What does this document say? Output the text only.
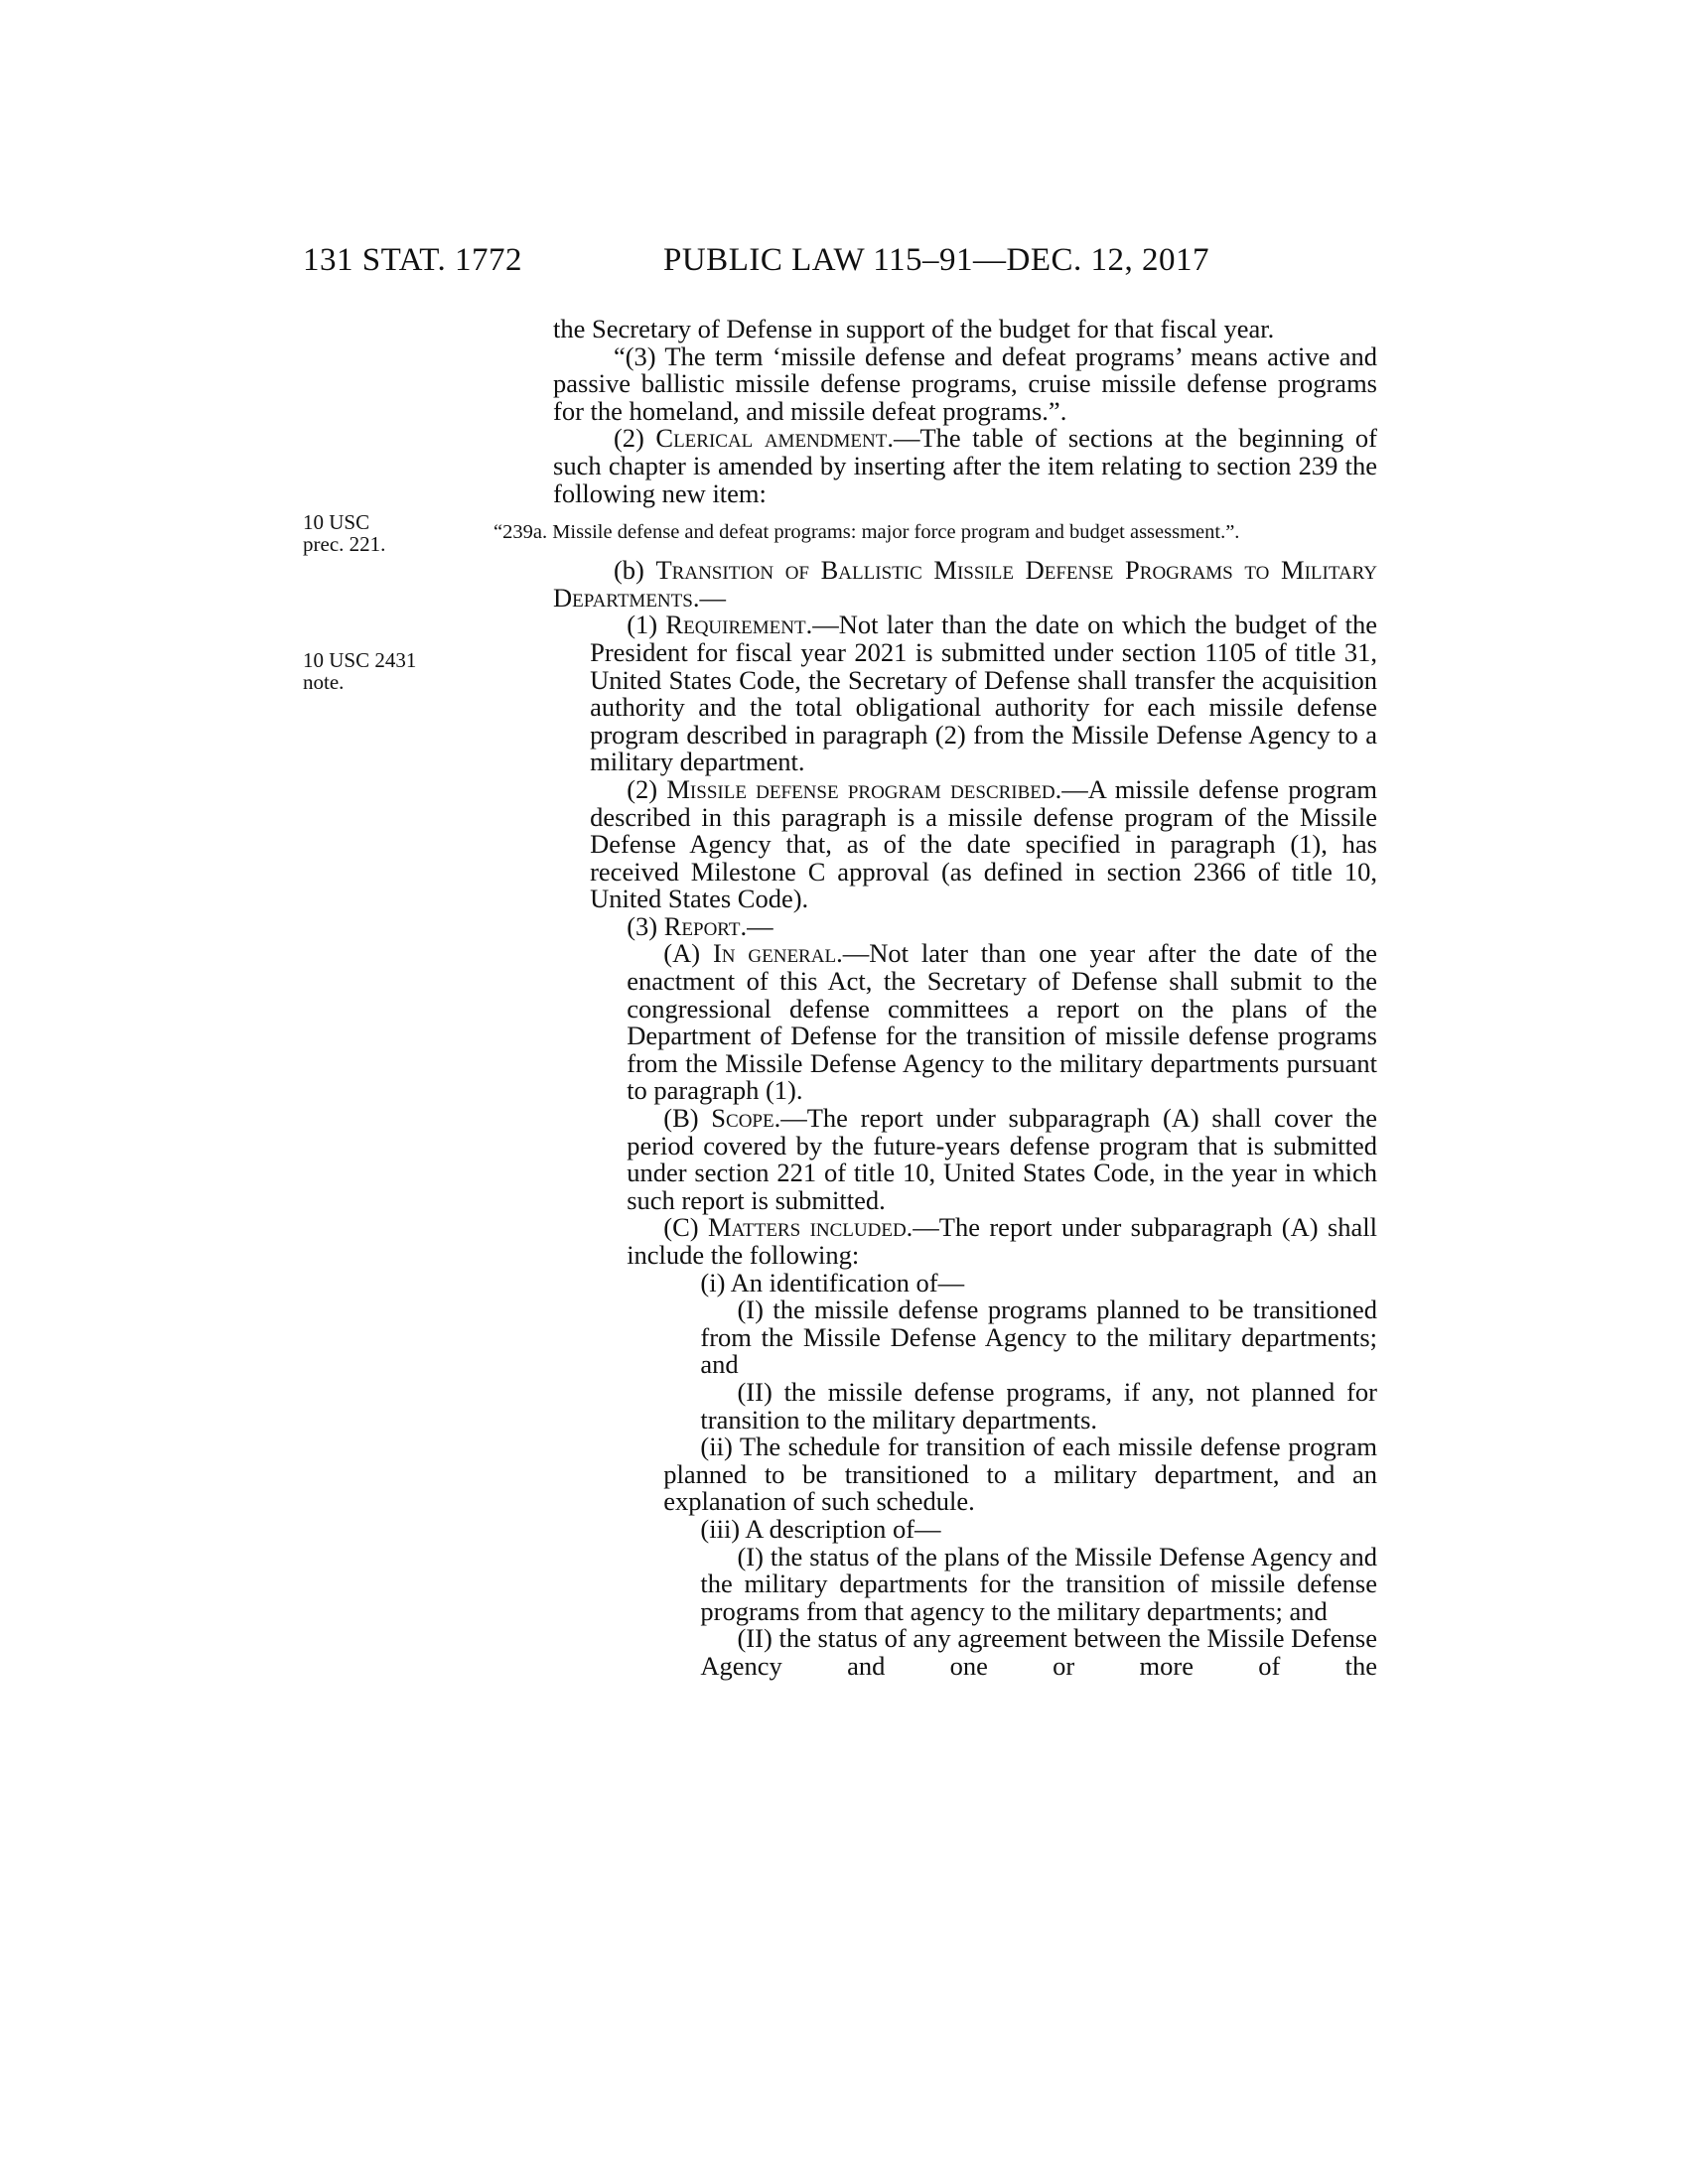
131 STAT. 1772	PUBLIC LAW 115–91—DEC. 12, 2017
10 USC
prec. 221.
10 USC 2431
note.

the Secretary of Defense in support of the budget for that fiscal year.

“(3) The term ‘missile defense and defeat programs’ means active and passive ballistic missile defense programs, cruise missile defense programs for the homeland, and missile defeat programs.”.

(2) Clerical amendment.—The table of sections at the beginning of such chapter is amended by inserting after the item relating to section 239 the following new item:

“239a. Missile defense and defeat programs: major force program and budget assessment.”.

(b) Transition of Ballistic Missile Defense Programs to Military Departments.—

(1) Requirement.—Not later than the date on which the budget of the President for fiscal year 2021 is submitted under section 1105 of title 31, United States Code, the Secretary of Defense shall transfer the acquisition authority and the total obligational authority for each missile defense program described in paragraph (2) from the Missile Defense Agency to a military department.

(2) Missile defense program described.—A missile defense program described in this paragraph is a missile defense program of the Missile Defense Agency that, as of the date specified in paragraph (1), has received Milestone C approval (as defined in section 2366 of title 10, United States Code).

(3) Report.—

(A) In general.—Not later than one year after the date of the enactment of this Act, the Secretary of Defense shall submit to the congressional defense committees a report on the plans of the Department of Defense for the transition of missile defense programs from the Missile Defense Agency to the military departments pursuant to paragraph (1).

(B) Scope.—The report under subparagraph (A) shall cover the period covered by the future-years defense program that is submitted under section 221 of title 10, United States Code, in the year in which such report is submitted.

(C) Matters included.—The report under subparagraph (A) shall include the following:

(i) An identification of—

(I) the missile defense programs planned to be transitioned from the Missile Defense Agency to the military departments; and

(II) the missile defense programs, if any, not planned for transition to the military departments.

(ii) The schedule for transition of each missile defense program planned to be transitioned to a military department, and an explanation of such schedule.

(iii) A description of—

(I) the status of the plans of the Missile Defense Agency and the military departments for the transition of missile defense programs from that agency to the military departments; and

(II) the status of any agreement between the Missile Defense Agency and one or more of the
